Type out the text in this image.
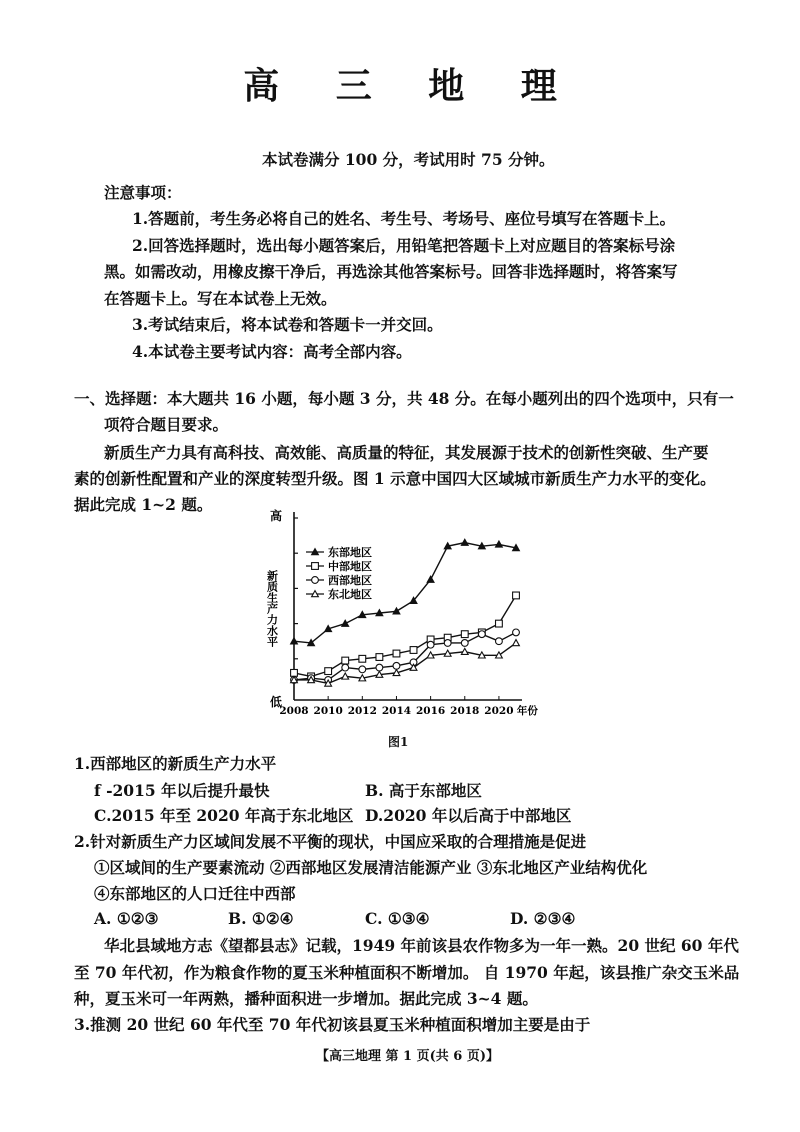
高 三 地 理
本试卷满分 100 分，考试用时 75 分钟。
注意事项：
1.答题前，考生务必将自己的姓名、考生号、考场号、座位号填写在答题卡上。
2.回答选择题时，选出每小题答案后，用铅笔把答题卡上对应题目的答案标号涂
黑。如需改动，用橡皮擦干净后，再选涂其他答案标号。回答非选择题时，将答案写
在答题卡上。写在本试卷上无效。
3.考试结束后，将本试卷和答题卡一并交回。
4.本试卷主要考试内容：高考全部内容。
一、选择题：本大题共 16 小题，每小题 3 分，共 48 分。在每小题列出的四个选项中，只有一
项符合题目要求。
新质生产力具有高科技、高效能、高质量的特征，其发展源于技术的创新性突破、生产要
素的创新性配置和产业的深度转型升级。图 1 示意中国四大区域城市新质生产力水平的变化。
据此完成 1~2 题。
高
低
新质生产力水平
2008 2010 2012 2014 2016 2018 2020 年份
东部地区
中部地区
西部地区
东北地区
图1
1.西部地区的新质生产力水平
f -2015 年以后提升最快	B. 高于东部地区
C.2015 年至 2020 年高于东北地区 D.2020 年以后高于中部地区
2.针对新质生产力区域间发展不平衡的现状，中国应采取的合理措施是促进
①区域间的生产要素流动 ②西部地区发展清洁能源产业 ③东北地区产业结构优化
④东部地区的人口迁往中西部
A. ①②③	B. ①②④	C. ①③④	D. ②③④
华北县域地方志《望都县志》记载，1949 年前该县农作物多为一年一熟。20 世纪 60 年代
至 70 年代初，作为粮食作物的夏玉米种植面积不断增加。 自 1970 年起，该县推广杂交玉米品
种，夏玉米可一年两熟，播种面积进一步增加。据此完成 3~4 题。
3.推测 20 世纪 60 年代至 70 年代初该县夏玉米种植面积增加主要是由于
【高三地理 第 1 页(共 6 页)】
